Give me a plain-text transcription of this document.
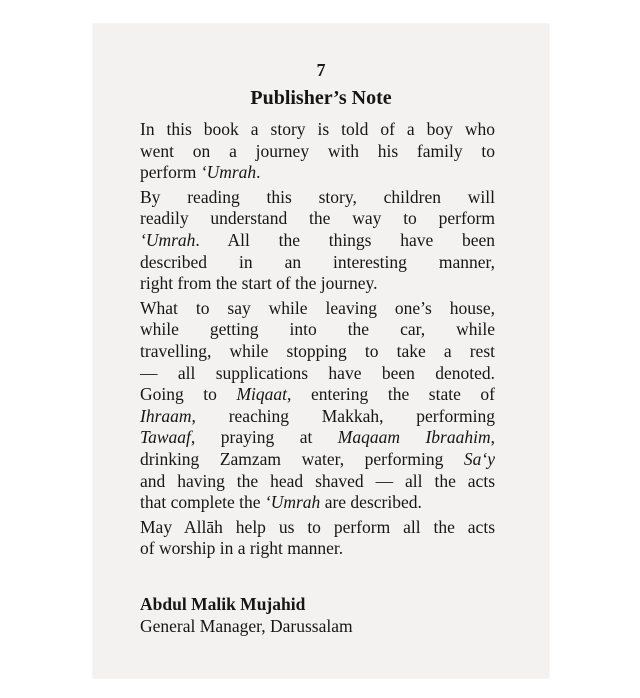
7
Publisher’s Note
In this book a story is told of a boy who
went on a journey with his family to
perform ‘Umrah.
By reading this story, children will
readily understand the way to perform
‘Umrah. All the things have been
described in an interesting manner,
right from the start of the journey.
What to say while leaving one’s house,
while getting into the car, while
travelling, while stopping to take a rest
— all supplications have been denoted.
Going to Miqaat, entering the state of
Ihraam, reaching Makkah, performing
Tawaaf, praying at Maqaam Ibraahim,
drinking Zamzam water, performing Sa‘y
and having the head shaved — all the acts
that complete the ‘Umrah are described.
May Allāh help us to perform all the acts
of worship in a right manner.
Abdul Malik Mujahid
General Manager, Darussalam
